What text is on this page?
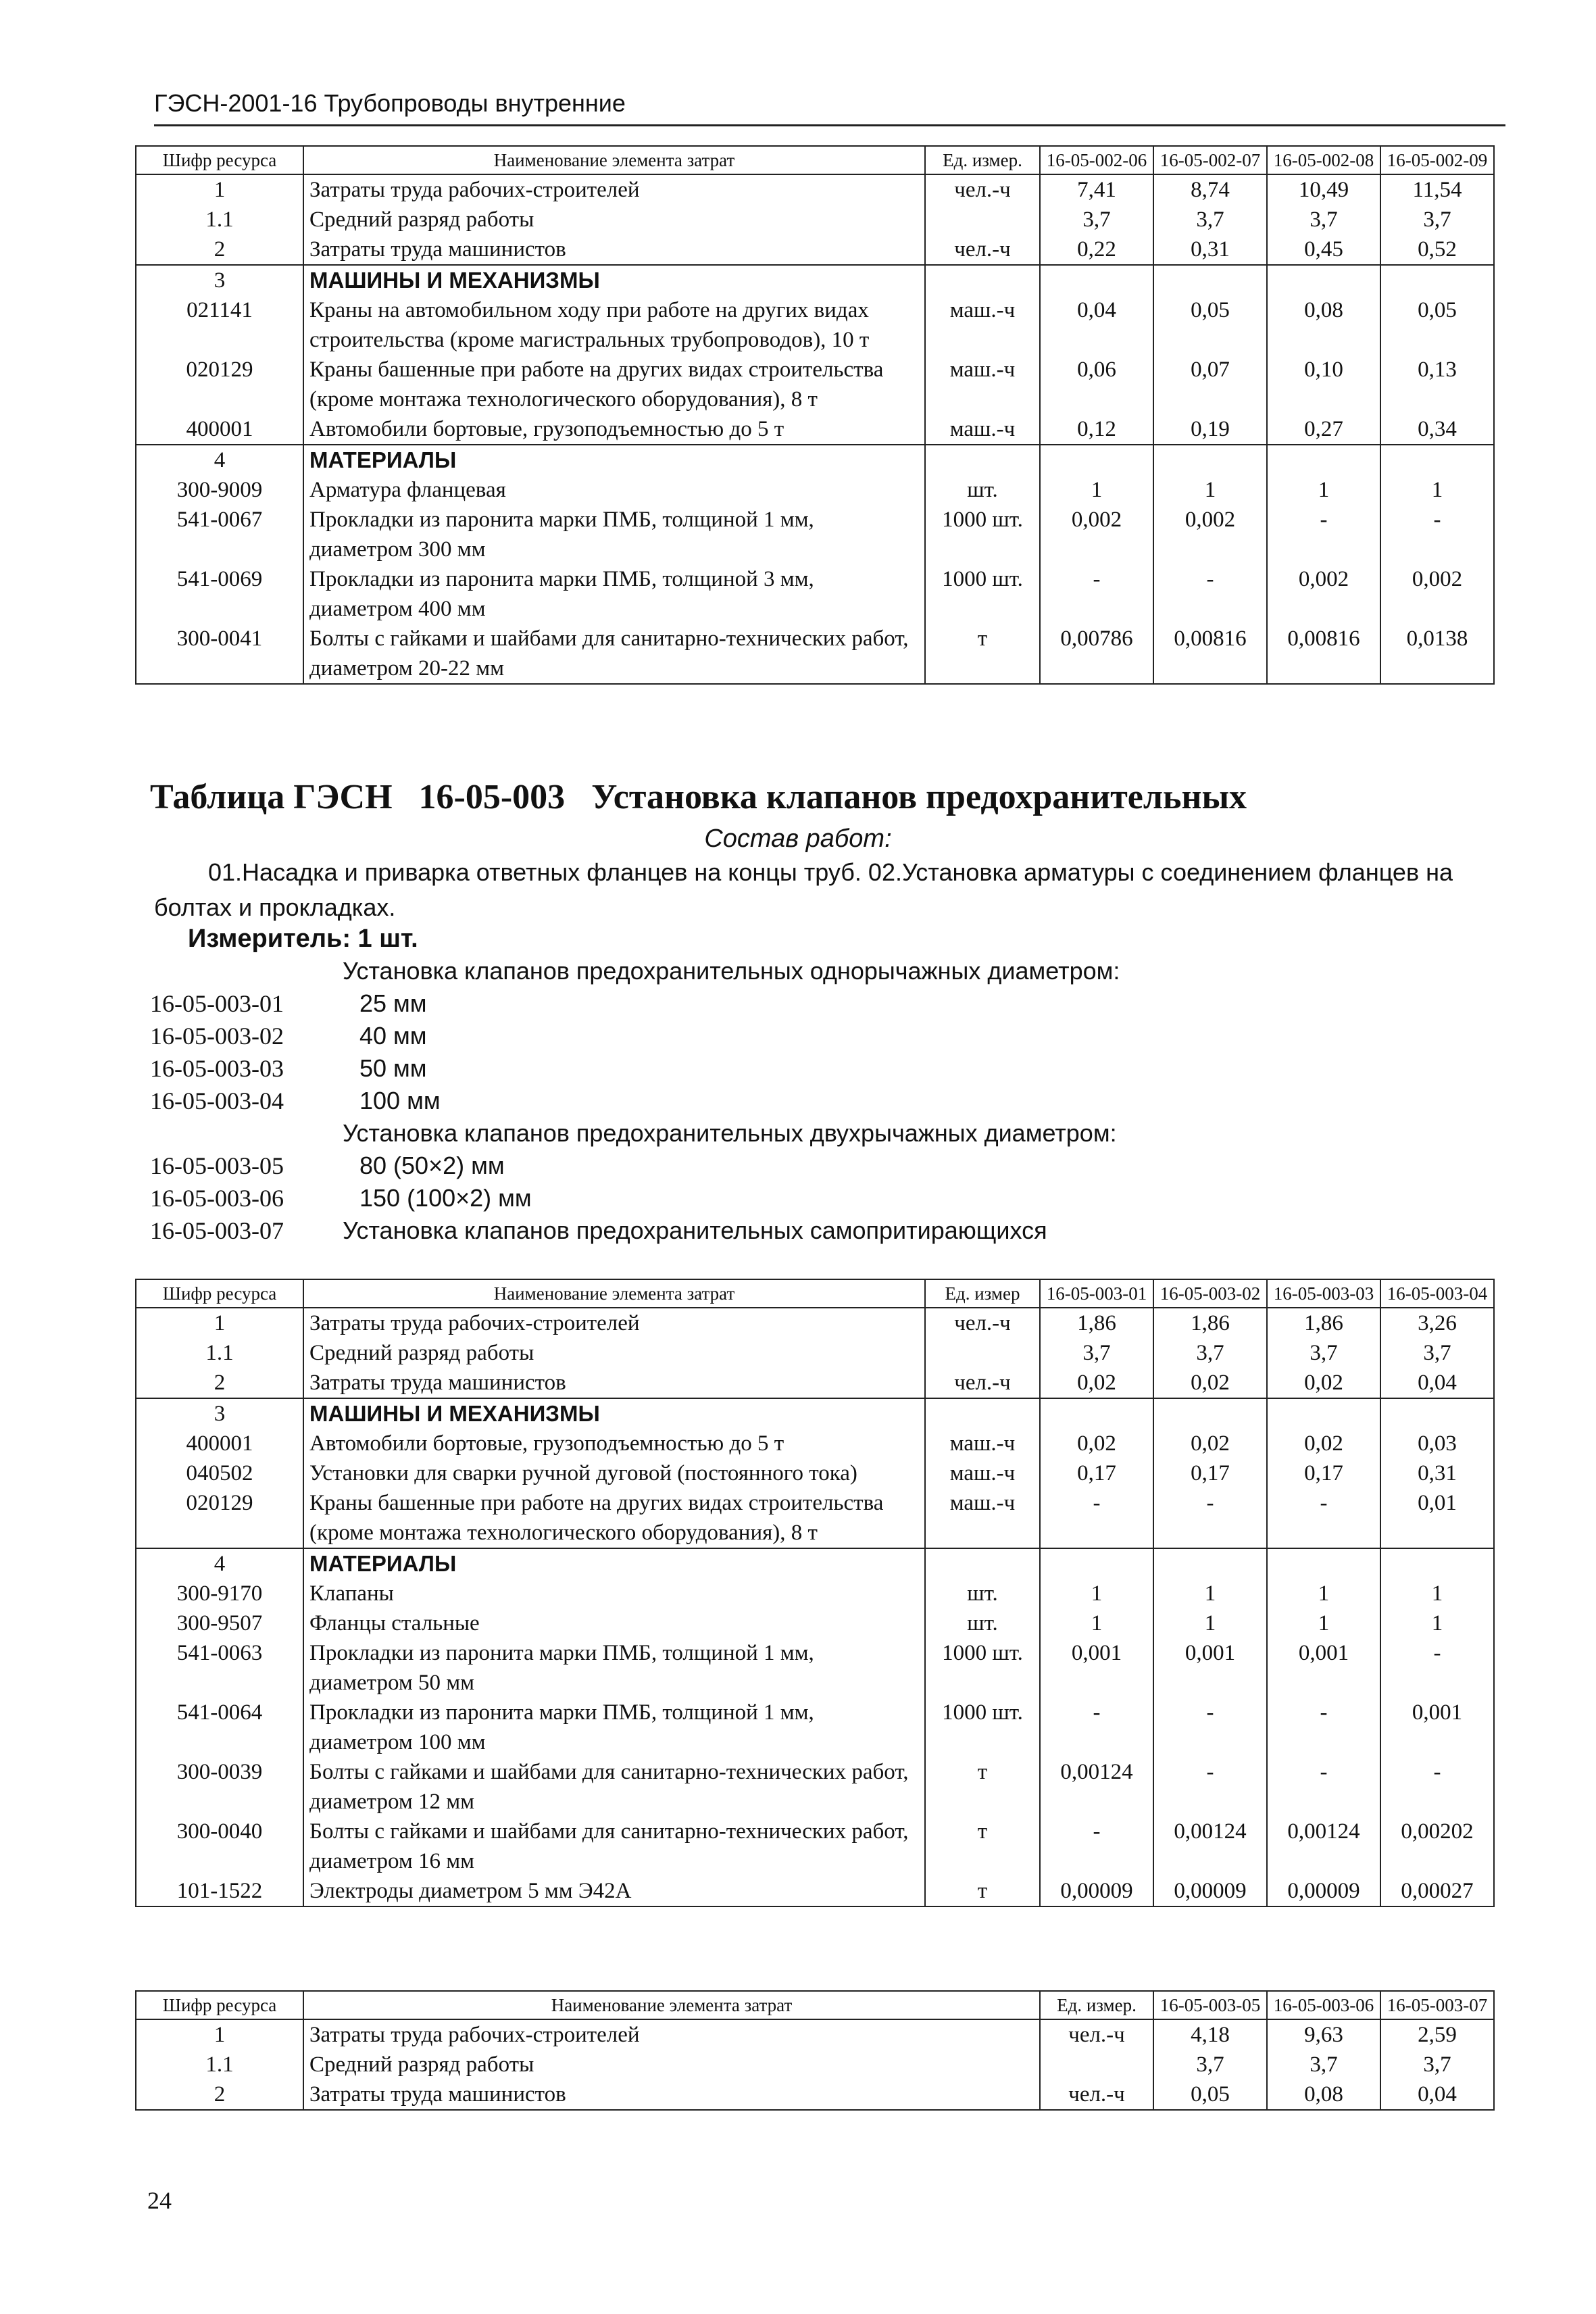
ГЭСН-2001-16 Трубопроводы внутренние
Шифр ресурса	Наименование элемента затрат	Ед. измер.	16-05-002-06	16-05-002-07	16-05-002-08	16-05-002-09
1	Затраты труда рабочих-строителей	чел.-ч	7,41	8,74	10,49	11,54
1.1	Средний разряд работы		3,7	3,7	3,7	3,7
2	Затраты труда машинистов	чел.-ч	0,22	0,31	0,45	0,52
3	МАШИНЫ И МЕХАНИЗМЫ					
021141	Краны на автомобильном ходу при работе на других видах строительства (кроме магистральных трубопроводов), 10 т	маш.-ч	0,04	0,05	0,08	0,05
020129	Краны башенные при работе на других видах строительства (кроме монтажа технологического оборудования), 8 т	маш.-ч	0,06	0,07	0,10	0,13
400001	Автомобили бортовые, грузоподъемностью до 5 т	маш.-ч	0,12	0,19	0,27	0,34
4	МАТЕРИАЛЫ					
300-9009	Арматура фланцевая	шт.	1	1	1	1
541-0067	Прокладки из паронита марки ПМБ, толщиной 1 мм, диаметром 300 мм	1000 шт.	0,002	0,002	-	-
541-0069	Прокладки из паронита марки ПМБ, толщиной 3 мм, диаметром 400 мм	1000 шт.	-	-	0,002	0,002
300-0041	Болты с гайками и шайбами для санитарно-технических работ, диаметром 20-22 мм	т	0,00786	0,00816	0,00816	0,0138
Таблица ГЭСН 16-05-003 Установка клапанов предохранительных
Состав работ:
01.Насадка и приварка ответных фланцев на концы труб. 02.Установка арматуры с соединением фланцев на болтах и прокладках.
Измеритель: 1 шт.
Установка клапанов предохранительных однорычажных диаметром:
16-05-003-01	25 мм
16-05-003-02	40 мм
16-05-003-03	50 мм
16-05-003-04	100 мм
Установка клапанов предохранительных двухрычажных диаметром:
16-05-003-05	80 (50×2) мм
16-05-003-06	150 (100×2) мм
16-05-003-07 Установка клапанов предохранительных самопритирающихся
Шифр ресурса	Наименование элемента затрат	Ед. измер	16-05-003-01	16-05-003-02	16-05-003-03	16-05-003-04
1	Затраты труда рабочих-строителей	чел.-ч	1,86	1,86	1,86	3,26
1.1	Средний разряд работы		3,7	3,7	3,7	3,7
2	Затраты труда машинистов	чел.-ч	0,02	0,02	0,02	0,04
3	МАШИНЫ И МЕХАНИЗМЫ					
400001	Автомобили бортовые, грузоподъемностью до 5 т	маш.-ч	0,02	0,02	0,02	0,03
040502	Установки для сварки ручной дуговой (постоянного тока)	маш.-ч	0,17	0,17	0,17	0,31
020129	Краны башенные при работе на других видах строительства (кроме монтажа технологического оборудования), 8 т	маш.-ч	-	-	-	0,01
4	МАТЕРИАЛЫ					
300-9170	Клапаны	шт.	1	1	1	1
300-9507	Фланцы стальные	шт.	1	1	1	1
541-0063	Прокладки из паронита марки ПМБ, толщиной 1 мм, диаметром 50 мм	1000 шт.	0,001	0,001	0,001	-
541-0064	Прокладки из паронита марки ПМБ, толщиной 1 мм, диаметром 100 мм	1000 шт.	-	-	-	0,001
300-0039	Болты с гайками и шайбами для санитарно-технических работ, диаметром 12 мм	т	0,00124	-	-	-
300-0040	Болты с гайками и шайбами для санитарно-технических работ, диаметром 16 мм	т	-	0,00124	0,00124	0,00202
101-1522	Электроды диаметром 5 мм Э42А	т	0,00009	0,00009	0,00009	0,00027
Шифр ресурса	Наименование элемента затрат	Ед. измер.	16-05-003-05	16-05-003-06	16-05-003-07
1	Затраты труда рабочих-строителей	чел.-ч	4,18	9,63	2,59
1.1	Средний разряд работы		3,7	3,7	3,7
2	Затраты труда машинистов	чел.-ч	0,05	0,08	0,04
24
